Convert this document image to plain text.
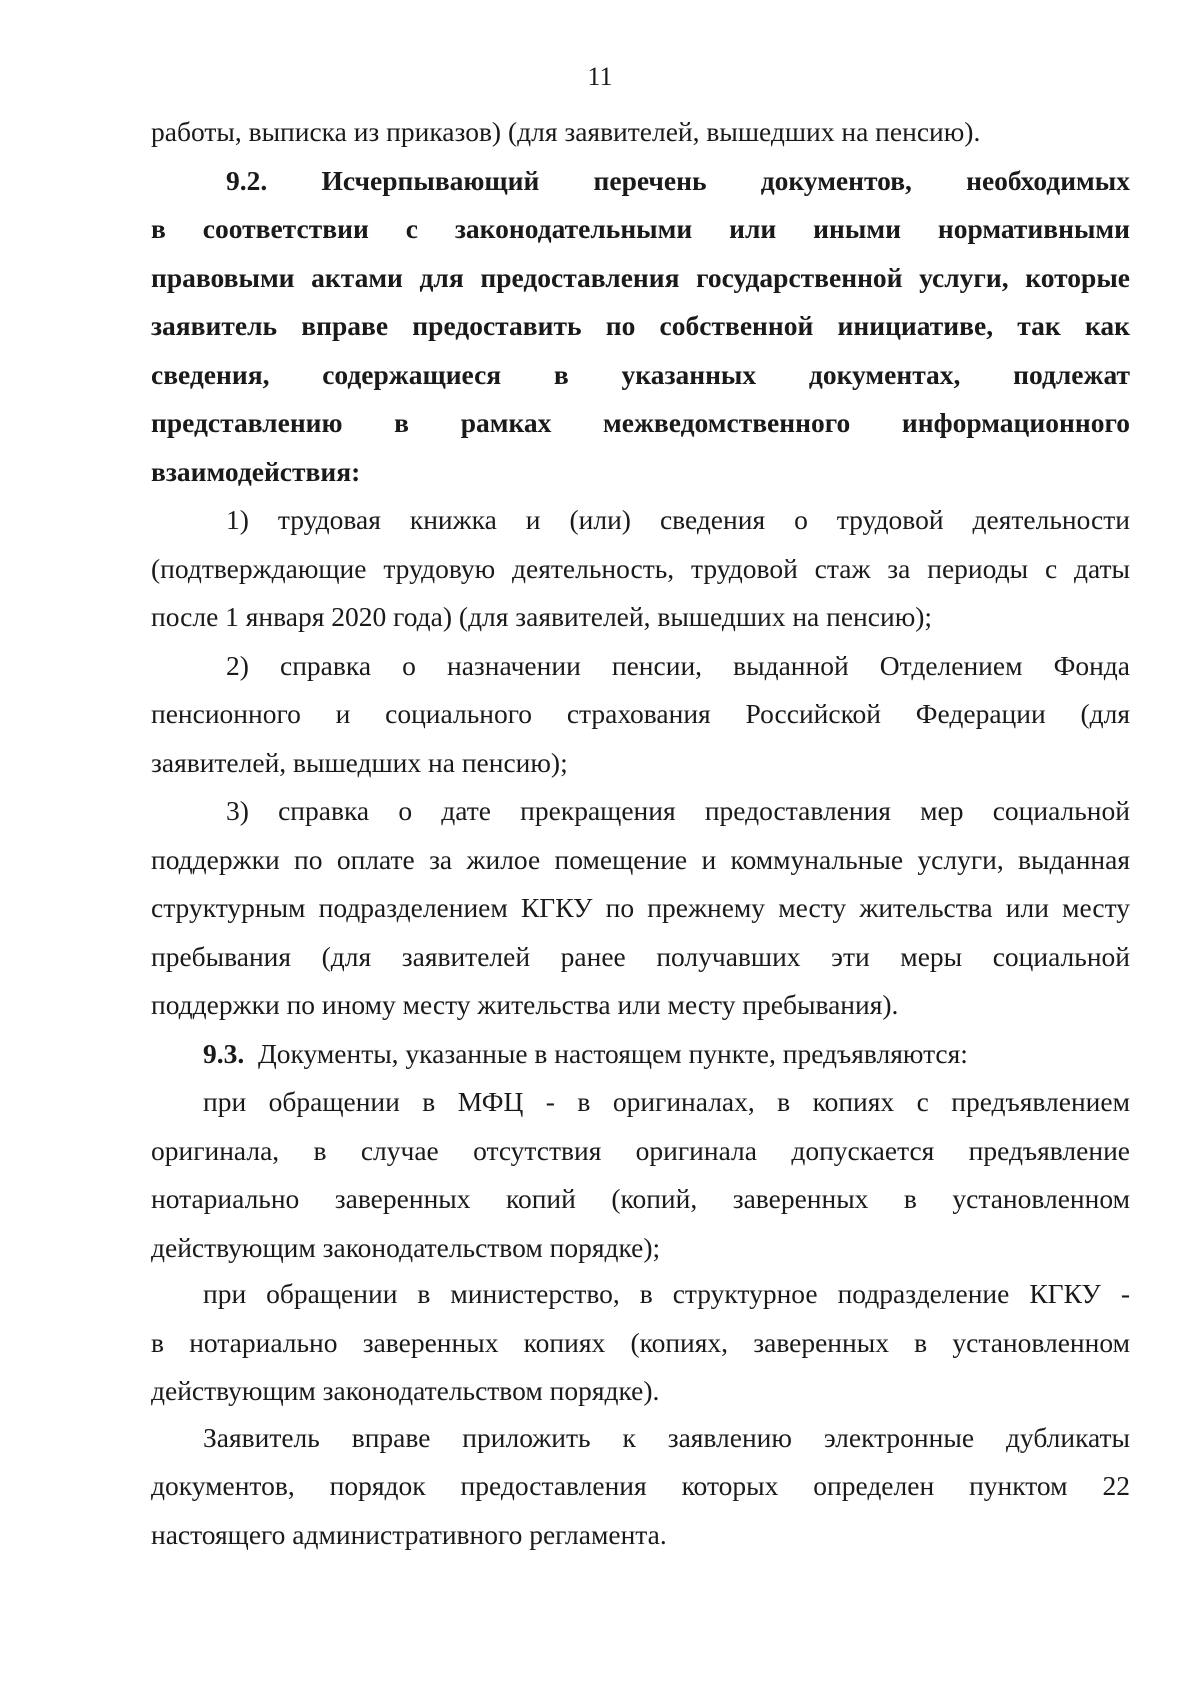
11

работы, выписка из приказов) (для заявителей, вышедших на пенсию).

9.2. Исчерпывающий перечень документов, необходимых

в соответствии с законодательными или иными нормативными

правовыми актами для предоставления государственной услуги, которые

заявитель вправе предоставить по собственной инициативе, так как

сведения, содержащиеся в указанных документах, подлежат

представлению в рамках межведомственного информационного

взаимодействия:

1) трудовая книжка и (или) сведения о трудовой деятельности

(подтверждающие трудовую деятельность, трудовой стаж за периоды с даты

после 1 января 2020 года) (для заявителей, вышедших на пенсию);

2) справка о назначении пенсии, выданной Отделением Фонда

пенсионного и социального страхования Российской Федерации (для

заявителей, вышедших на пенсию);

3) справка о дате прекращения предоставления мер социальной

поддержки по оплате за жилое помещение и коммунальные услуги, выданная

структурным подразделением КГКУ по прежнему месту жительства или месту

пребывания (для заявителей ранее получавших эти меры социальной

поддержки по иному месту жительства или месту пребывания).

9.3. Документы, указанные в настоящем пункте, предъявляются:

при обращении в МФЦ - в оригиналах, в копиях с предъявлением

оригинала, в случае отсутствия оригинала допускается предъявление

нотариально заверенных копий (копий, заверенных в установленном

действующим законодательством порядке);

при обращении в министерство, в структурное подразделение КГКУ -

в нотариально заверенных копиях (копиях, заверенных в установленном

действующим законодательством порядке).

Заявитель вправе приложить к заявлению электронные дубликаты

документов, порядок предоставления которых определен пунктом 22

настоящего административного регламента.
